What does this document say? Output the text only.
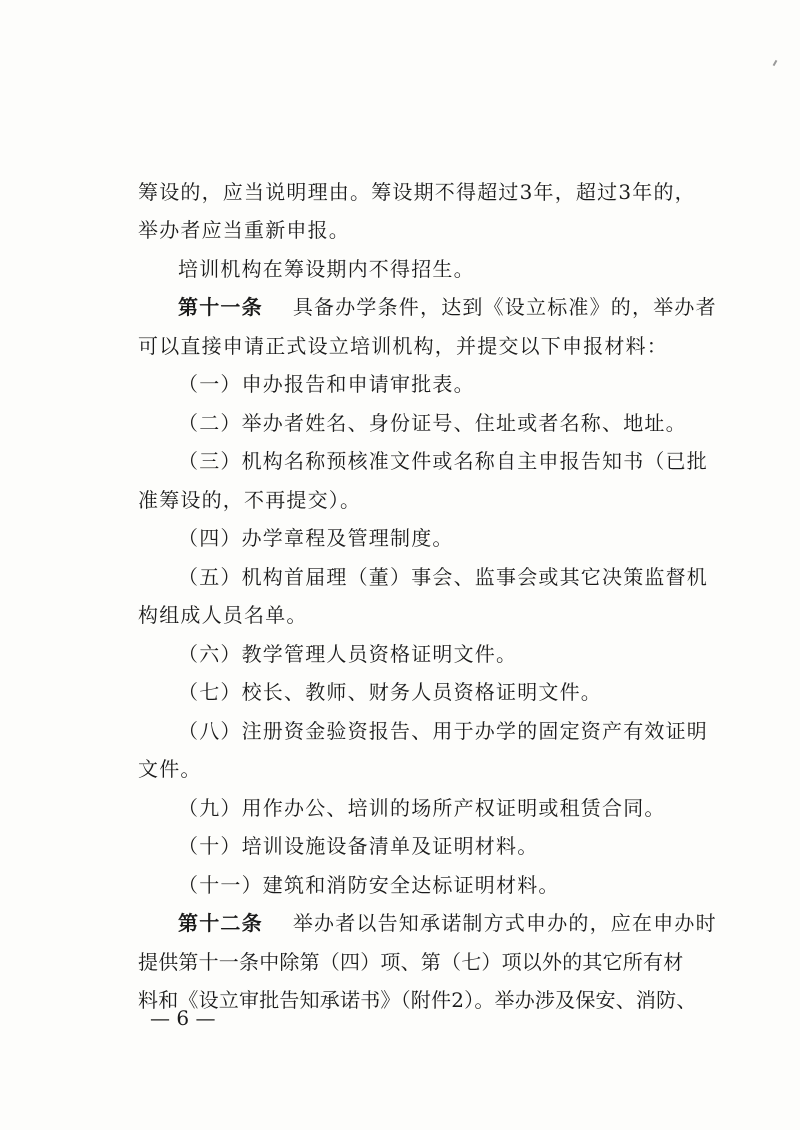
筹设的，应当说明理由。筹设期不得超过3年，超过3年的，
举办者应当重新申报。
培训机构在筹设期内不得招生。
第十一条 具备办学条件，达到《设立标准》的，举办者
可以直接申请正式设立培训机构，并提交以下申报材料：
（一）申办报告和申请审批表。
（二）举办者姓名、身份证号、住址或者名称、地址。
（三）机构名称预核准文件或名称自主申报告知书（已批
准筹设的，不再提交）。
（四）办学章程及管理制度。
（五）机构首届理（董）事会、监事会或其它决策监督机
构组成人员名单。
（六）教学管理人员资格证明文件。
（七）校长、教师、财务人员资格证明文件。
（八）注册资金验资报告、用于办学的固定资产有效证明
文件。
（九）用作办公、培训的场所产权证明或租赁合同。
（十）培训设施设备清单及证明材料。
（十一）建筑和消防安全达标证明材料。
第十二条 举办者以告知承诺制方式申办的，应在申办时
提供第十一条中除第（四）项、第（七）项以外的其它所有材
料和《设立审批告知承诺书》（附件2）。举办涉及保安、消防、
— 6 —
